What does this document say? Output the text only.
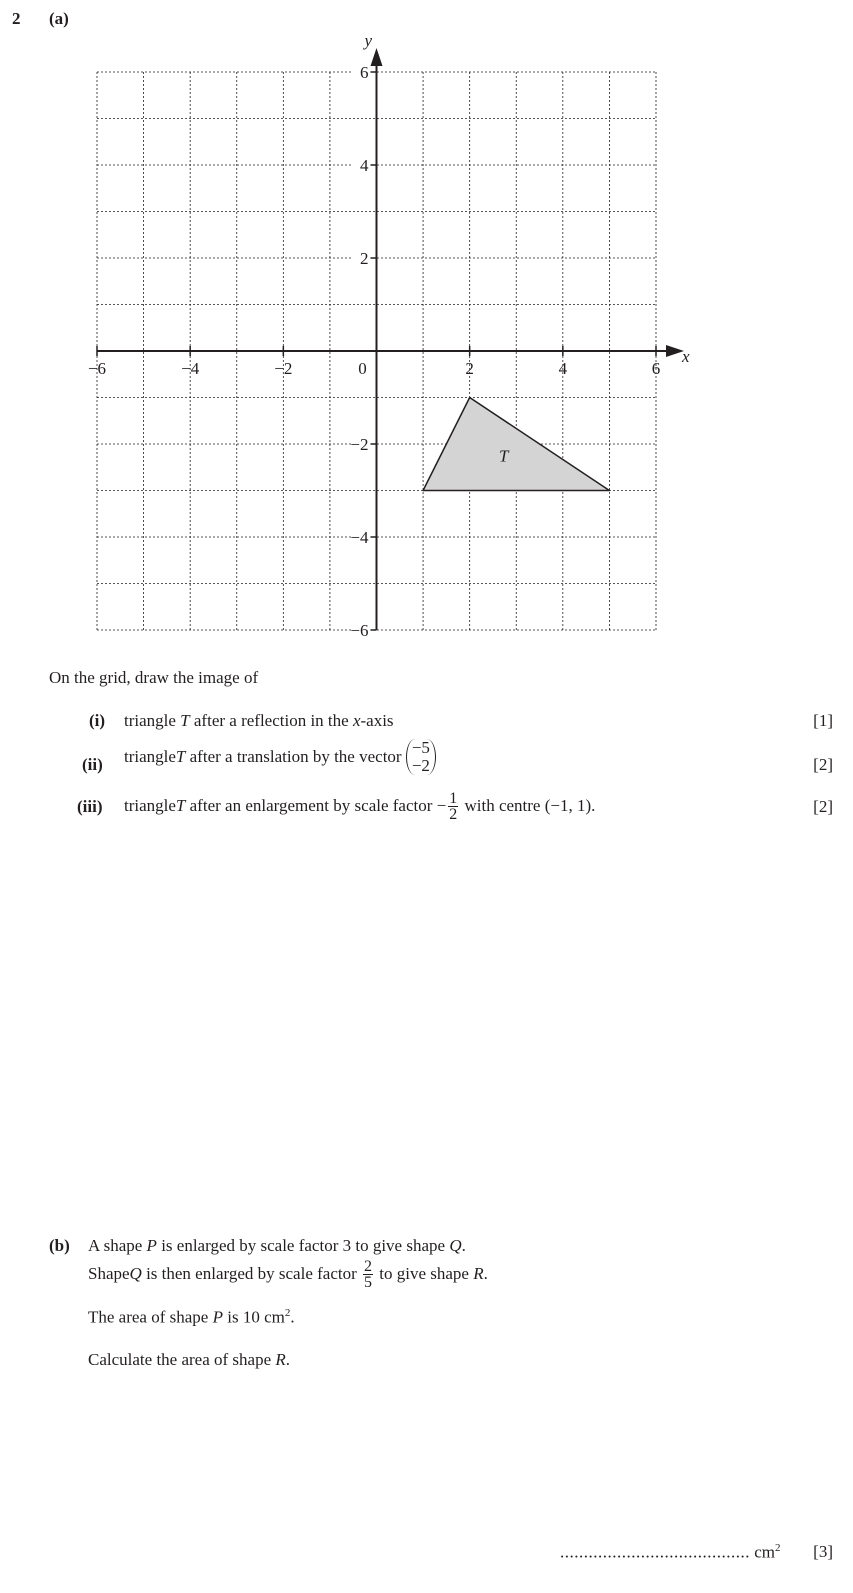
2 (a)
T
x
y
−6	−4	−2	0	2	4	6
6
4
2
−2
−4
−6
On the grid, draw the image of
(i) triangle T after a reflection in the x-axis	[1]
(ii) triangle T after a translation by the vector −5
−2	[2]
(iii) triangle T after an enlargement by scale factor − $\frac{1}{2}$ with centre (−1, 1) .	[2]
(b) A shape P is enlarged by scale factor 3 to give shape Q.
Shape Q is then enlarged by scale factor $\frac{2}{5}$ to give shape R .
The area of shape P is 10 $cm^2$.
Calculate the area of shape R.
........................................ $cm^2$ [3]
